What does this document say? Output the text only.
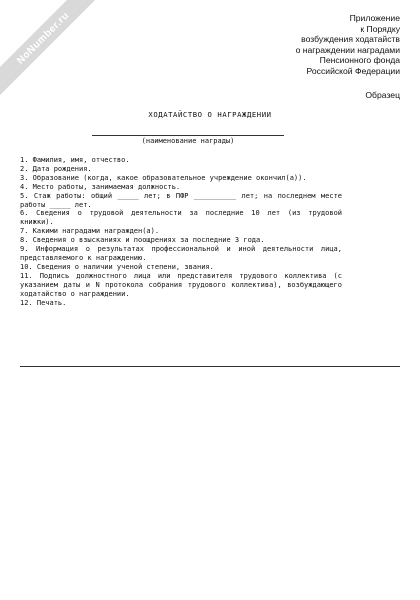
NoNumber.ru	Приложение
к Порядку
возбуждения ходатайств
о награждении наградами
Пенсионного фонда
Российской Федерации
Образец
ХОДАТАЙСТВО О НАГРАЖДЕНИИ
(наименование награды)
1. Фамилия, имя, отчество.
2. Дата рождения.
3. Образование (когда, какое образовательное учреждение окончил(а)).
4. Место работы, занимаемая должность.
5. Стаж работы: общий _____ лет; в ПФР __________ лет; на последнем месте работы _____ лет.
6. Сведения о трудовой деятельности за последние 10 лет (из трудовой книжки).
7. Какими наградами награжден(а).
8. Сведения о взысканиях и поощрениях за последние 3 года.
9. Информация о результатах профессиональной и иной деятельности лица, представляемого к награждению.
10. Сведения о наличии ученой степени, звания.
11. Подпись должностного лица или представителя трудового коллектива (с указанием даты и N протокола собрания трудового коллектива), возбуждающего ходатайство о награждении.
12. Печать.
